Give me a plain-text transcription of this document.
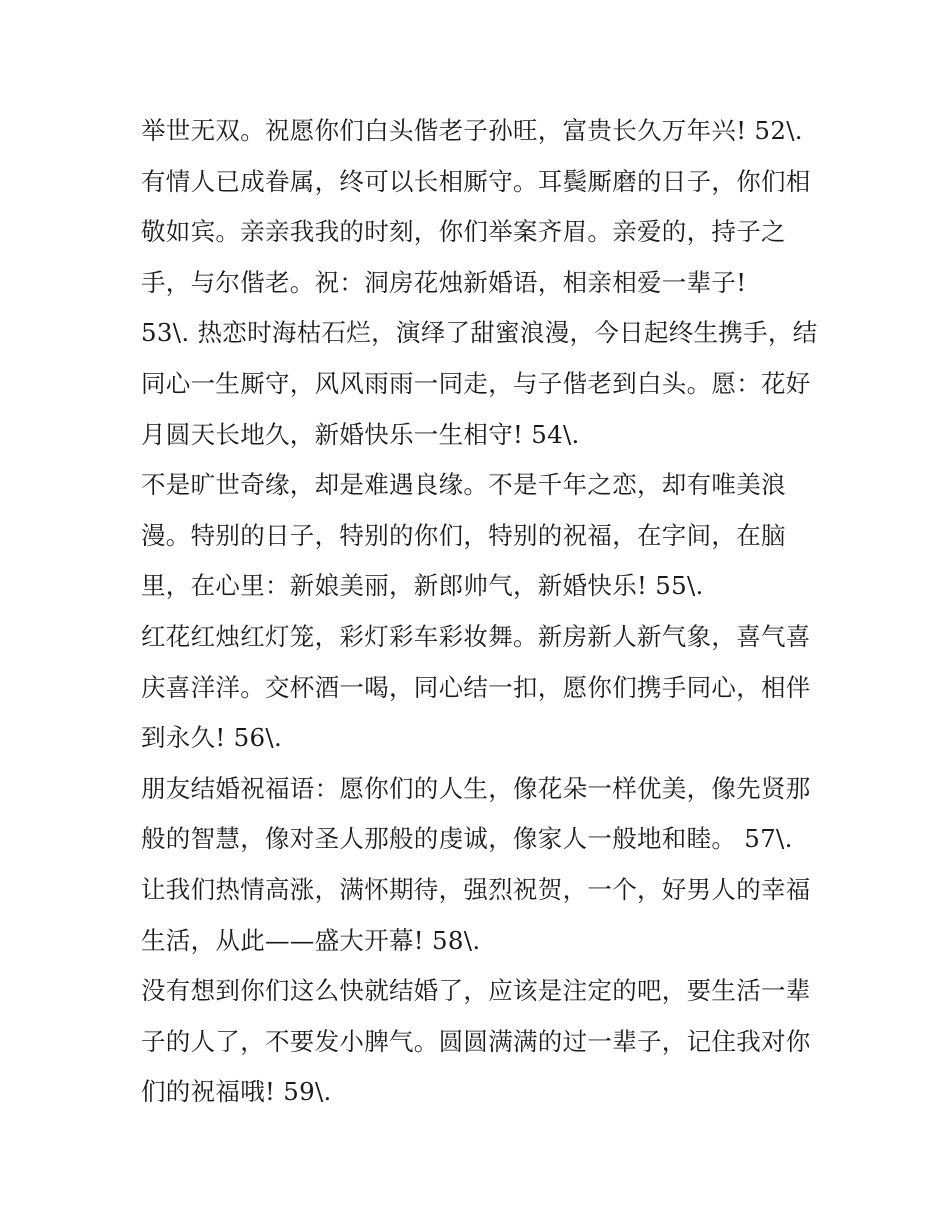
举世无双。祝愿你们白头偕老子孙旺，富贵长久万年兴! 52\.
有情人已成眷属，终可以长相厮守。耳鬓厮磨的日子，你们相
敬如宾。亲亲我我的时刻，你们举案齐眉。亲爱的，持子之
手，与尔偕老。祝：洞房花烛新婚语，相亲相爱一辈子!
53\. 热恋时海枯石烂，演绎了甜蜜浪漫，今日起终生携手，结
同心一生厮守，风风雨雨一同走，与子偕老到白头。愿：花好
月圆天长地久，新婚快乐一生相守! 54\.
不是旷世奇缘，却是难遇良缘。不是千年之恋，却有唯美浪
漫。特别的日子，特别的你们，特别的祝福，在字间，在脑
里，在心里：新娘美丽，新郎帅气，新婚快乐! 55\.
红花红烛红灯笼，彩灯彩车彩妆舞。新房新人新气象，喜气喜
庆喜洋洋。交杯酒一喝，同心结一扣，愿你们携手同心，相伴
到永久! 56\.
朋友结婚祝福语：愿你们的人生，像花朵一样优美，像先贤那
般的智慧，像对圣人那般的虔诚，像家人一般地和睦。 57\.
让我们热情高涨，满怀期待，强烈祝贺，一个，好男人的幸福
生活，从此——盛大开幕! 58\.
没有想到你们这么快就结婚了，应该是注定的吧，要生活一辈
子的人了，不要发小脾气。圆圆满满的过一辈子，记住我对你
们的祝福哦! 59\.
